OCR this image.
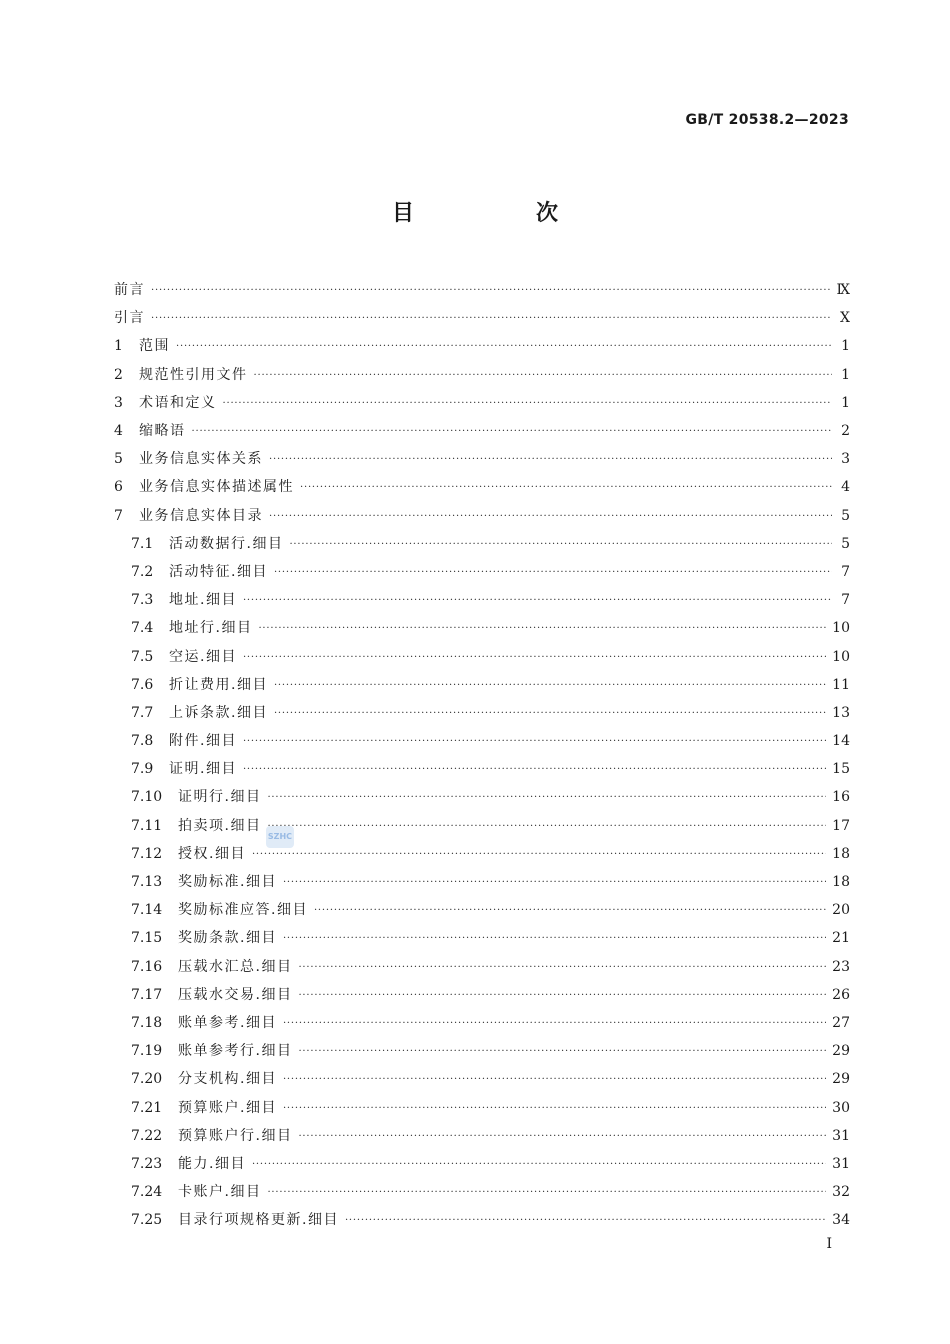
GB/T 20538.2—2023
目　次
前言 ·····	Ⅸ
引言 ·····	Ⅹ
1	范围 ·····	1
2	规范性引用文件 ·····	1
3	术语和定义 ·····	1
4	缩略语 ·····	2
5	业务信息实体关系 ·····	3
6	业务信息实体描述属性 ·····	4
7	业务信息实体目录 ·····	5
7.1	活动数据行.细目 ·····	5
7.2	活动特征.细目 ·····	7
7.3	地址.细目 ·····	7
7.4	地址行.细目 ·····	10
7.5	空运.细目 ·····	10
7.6	折让费用.细目 ·····	11
7.7	上诉条款.细目 ·····	13
7.8	附件.细目 ·····	14
7.9	证明.细目 ·····	15
7.10	证明行.细目 ·····	16
7.11	拍卖项.细目 ·····	17
7.12	授权.细目 ·····	18
7.13	奖励标准.细目 ·····	18
7.14	奖励标准应答.细目 ·····	20
7.15	奖励条款.细目 ·····	21
7.16	压载水汇总.细目 ·····	23
7.17	压载水交易.细目 ·····	26
7.18	账单参考.细目 ·····	27
7.19	账单参考行.细目 ·····	29
7.20	分支机构.细目 ·····	29
7.21	预算账户.细目 ·····	30
7.22	预算账户行.细目 ·····	31
7.23	能力.细目 ·····	31
7.24	卡账户.细目 ·····	32
7.25	目录行项规格更新.细目 ·····	34
SZHC
I
